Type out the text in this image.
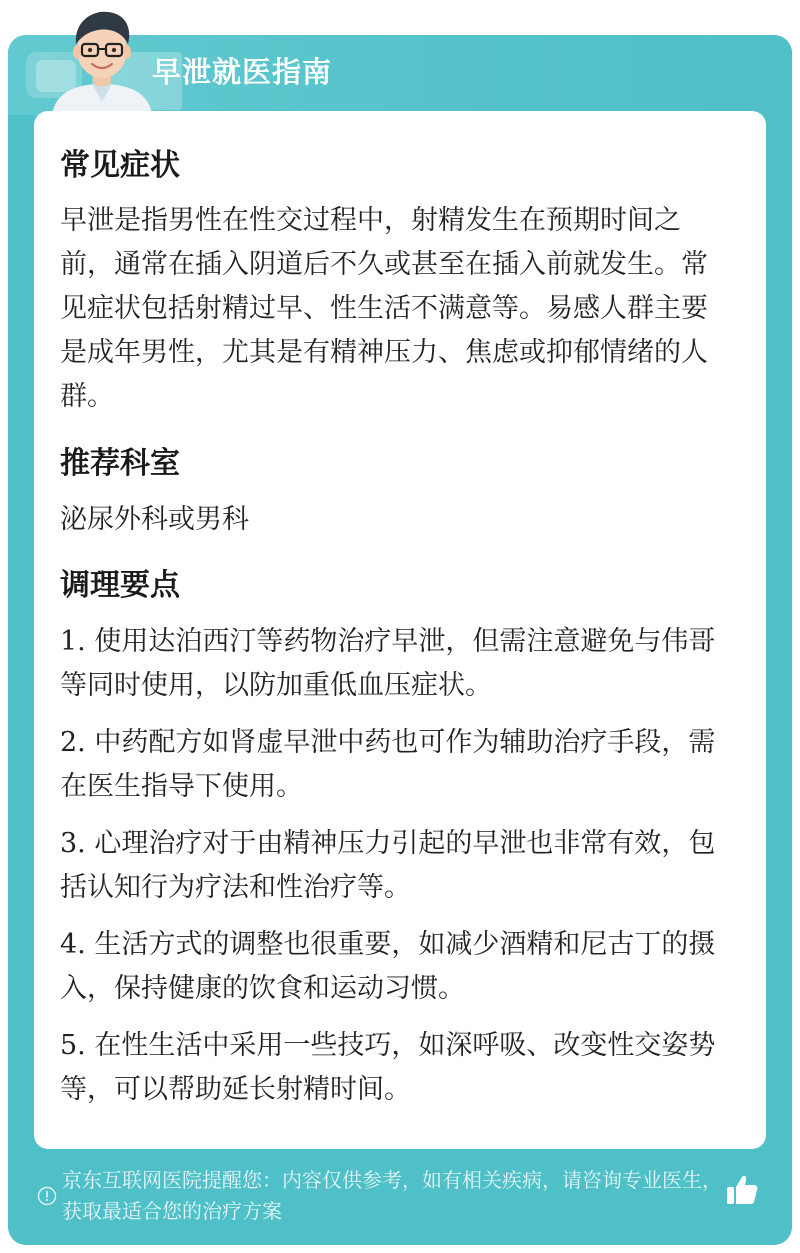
早泄就医指南
常见症状
早泄是指男性在性交过程中，射精发生在预期时间之前，通常在插入阴道后不久或甚至在插入前就发生。常见症状包括射精过早、性生活不满意等。易感人群主要是成年男性，尤其是有精神压力、焦虑或抑郁情绪的人群。
推荐科室
泌尿外科或男科
调理要点
1. 使用达泊西汀等药物治疗早泄，但需注意避免与伟哥等同时使用，以防加重低血压症状。
2. 中药配方如肾虚早泄中药也可作为辅助治疗手段，需在医生指导下使用。
3. 心理治疗对于由精神压力引起的早泄也非常有效，包括认知行为疗法和性治疗等。
4. 生活方式的调整也很重要，如减少酒精和尼古丁的摄入，保持健康的饮食和运动习惯。
5. 在性生活中采用一些技巧，如深呼吸、改变性交姿势等，可以帮助延长射精时间。
京东互联网医院提醒您：内容仅供参考，如有相关疾病，请咨询专业医生，获取最适合您的治疗方案
